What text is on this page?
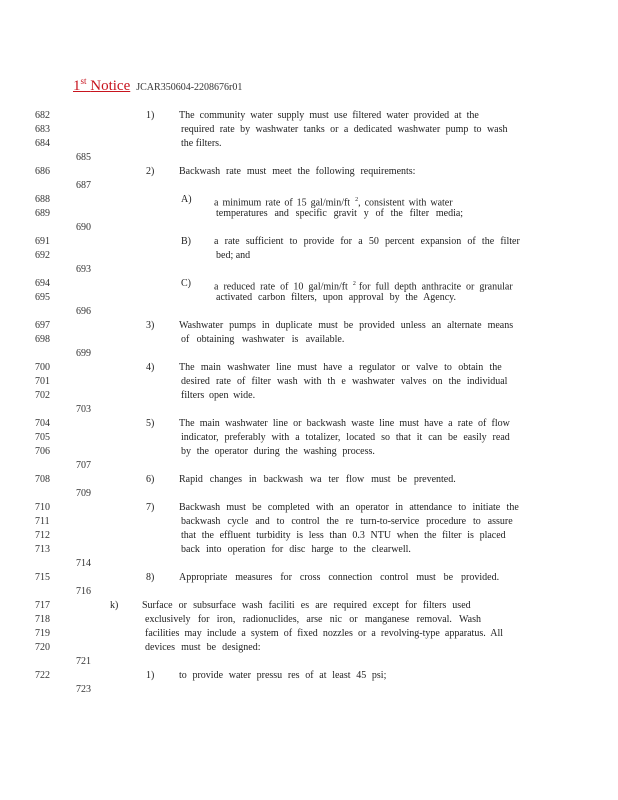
1st Notice JCAR350604-2208676r01
682
683
684
686
688
689
691
692
694
695
697
698
700
701
702
704
705
706
708
710
711
712
713
715
717
718
719
720
722
685
687
690
693
696
699
703
707
709
714
716
721
723
1)
2)
A)
B)
C)
3)
4)
5)
6)
7)
8)
k)
1)
The community water supply must use filtered water provided at the
required rate by washwater tanks or a dedicated washwater pump to wash
the filters.
Backwash rate must meet the following requirements:
a minimum rate of 15 gal/min/ft $^2$, consistent with water
temperatures and specific gravit y of the filter media;
a rate sufficient to provide for a 50 percent expansion of the filter
bed; and
a reduced rate of 10 gal/min/ft $^2$ for full depth anthracite or granular
activated carbon filters, upon approval by the Agency.
Washwater pumps in duplicate must be provided unless an alternate means
of obtaining washwater is available.
The main washwater line must have a regulator or valve to obtain the
desired rate of filter wash with th e washwater valves on the individual
filters open wide.
The main washwater line or backwash waste line must have a rate of flow
indicator, preferably with a totalizer, located so that it can be easily read
by the operator during the washing process.
Rapid changes in backwash wa ter flow must be prevented.
Backwash must be completed with an operator in attendance to initiate the
backwash cycle and to control the re turn-to-service procedure to assure
that the effluent turbidity is less than 0.3 NTU when the filter is placed
back into operation for disc harge to the clearwell.
Appropriate measures for cross connection control must be provided.
Surface or subsurface wash faciliti es are required except for filters used
exclusively for iron, radionuclides, arse nic or manganese removal. Wash
facilities may include a system of fixed nozzles or a revolving-type apparatus. All
devices must be designed:
to provide water pressu res of at least 45 psi;
